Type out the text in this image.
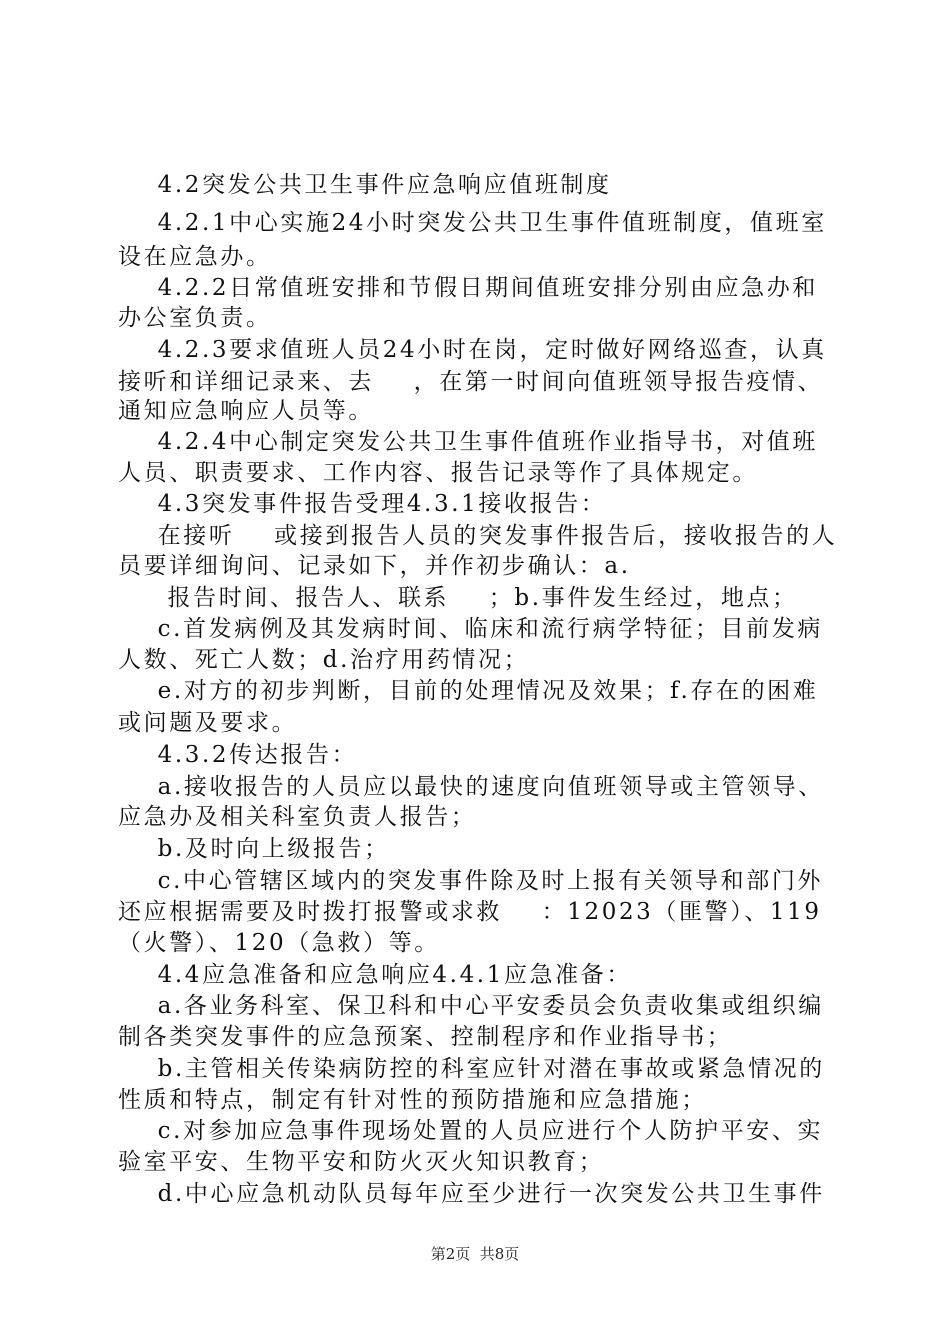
4.2突发公共卫生事件应急响应值班制度
4.2.1中心实施24小时突发公共卫生事件值班制度，值班室
设在应急办。
4.2.2日常值班安排和节假日期间值班安排分别由应急办和
办公室负责。
4.2.3要求值班人员24小时在岗，定时做好网络巡查，认真
接听和详细记录来、去    ，在第一时间向值班领导报告疫情、
通知应急响应人员等。
4.2.4中心制定突发公共卫生事件值班作业指导书，对值班
人员、职责要求、工作内容、报告记录等作了具体规定。
4.3突发事件报告受理4.3.1接收报告：
在接听    或接到报告人员的突发事件报告后，接收报告的人
员要详细询问、记录如下，并作初步确认：a.
报告时间、报告人、联系    ；b.事件发生经过，地点；
c.首发病例及其发病时间、临床和流行病学特征；目前发病
人数、死亡人数；d.治疗用药情况；
e.对方的初步判断，目前的处理情况及效果；f.存在的困难
或问题及要求。
4.3.2传达报告：
a.接收报告的人员应以最快的速度向值班领导或主管领导、
应急办及相关科室负责人报告；
b.及时向上级报告；
c.中心管辖区域内的突发事件除及时上报有关领导和部门外
还应根据需要及时拨打报警或求救    ：12023（匪警）、119
（火警）、120（急救）等。
4.4应急准备和应急响应4.4.1应急准备：
a.各业务科室、保卫科和中心平安委员会负责收集或组织编
制各类突发事件的应急预案、控制程序和作业指导书；
b.主管相关传染病防控的科室应针对潜在事故或紧急情况的
性质和特点，制定有针对性的预防措施和应急措施；
c.对参加应急事件现场处置的人员应进行个人防护平安、实
验室平安、生物平安和防火灭火知识教育；
d.中心应急机动队员每年应至少进行一次突发公共卫生事件
第2页  共8页
